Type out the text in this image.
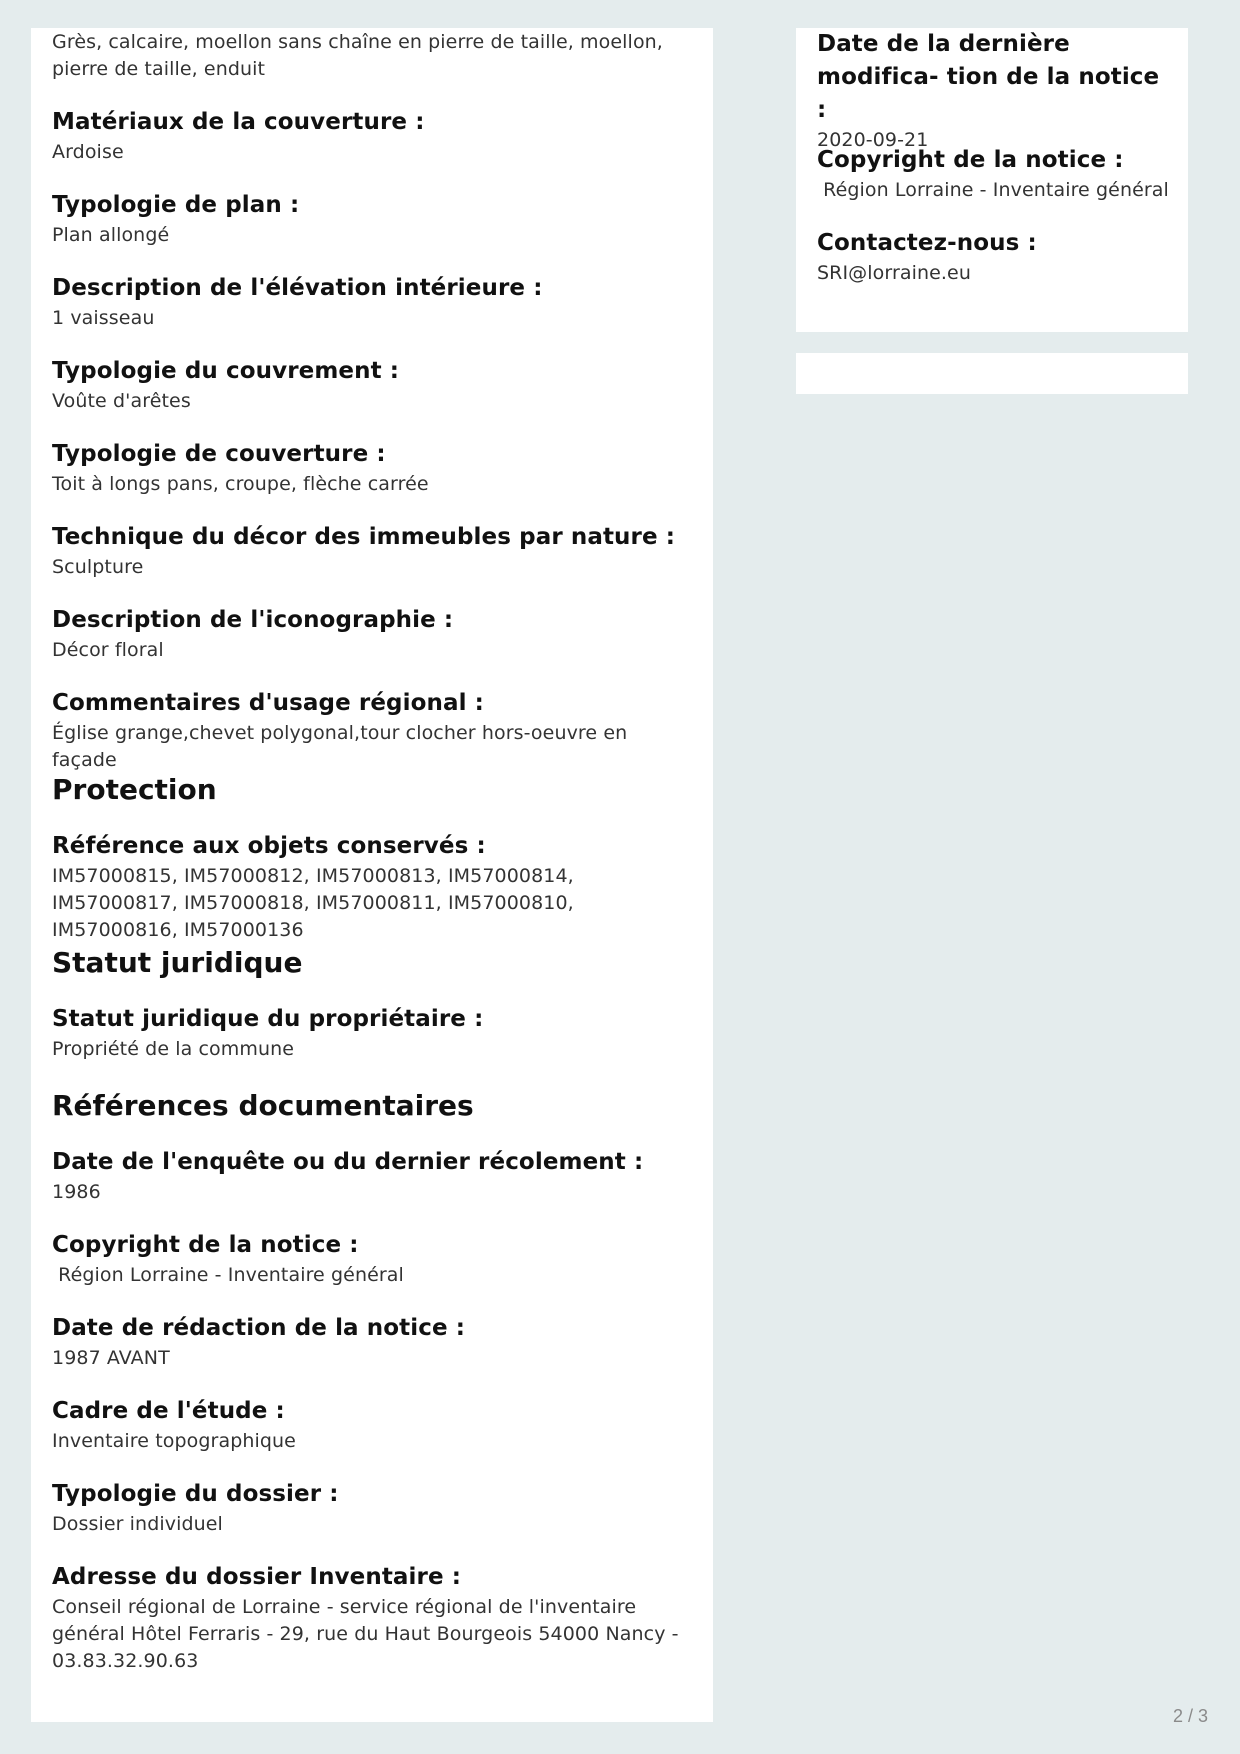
Grès, calcaire, moellon sans chaîne en pierre de taille, moellon, pierre de taille, enduit
Matériaux de la couverture :
Ardoise
Typologie de plan :
Plan allongé
Description de l'élévation intérieure :
1 vaisseau
Typologie du couvrement :
Voûte d'arêtes
Typologie de couverture :
Toit à longs pans, croupe, flèche carrée
Technique du décor des immeubles par nature :
Sculpture
Description de l'iconographie :
Décor floral
Commentaires d'usage régional :
Église grange,chevet polygonal,tour clocher hors-oeuvre en façade
Protection
Référence aux objets conservés :
IM57000815, IM57000812, IM57000813, IM57000814, IM57000817, IM57000818, IM57000811, IM57000810, IM57000816, IM57000136
Statut juridique
Statut juridique du propriétaire :
Propriété de la commune
Références documentaires
Date de l'enquête ou du dernier récolement :
1986
Copyright de la notice :
Région Lorraine - Inventaire général
Date de rédaction de la notice :
1987 AVANT
Cadre de l'étude :
Inventaire topographique
Typologie du dossier :
Dossier individuel
Adresse du dossier Inventaire :
Conseil régional de Lorraine - service régional de l'inventaire général Hôtel Ferraris - 29, rue du Haut Bourgeois 54000 Nancy - 03.83.32.90.63
Date de la dernière modifica- tion de la notice :
2020-09-21
Copyright de la notice :
Région Lorraine - Inventaire général
Contactez-nous :
SRI@lorraine.eu
2 / 3
